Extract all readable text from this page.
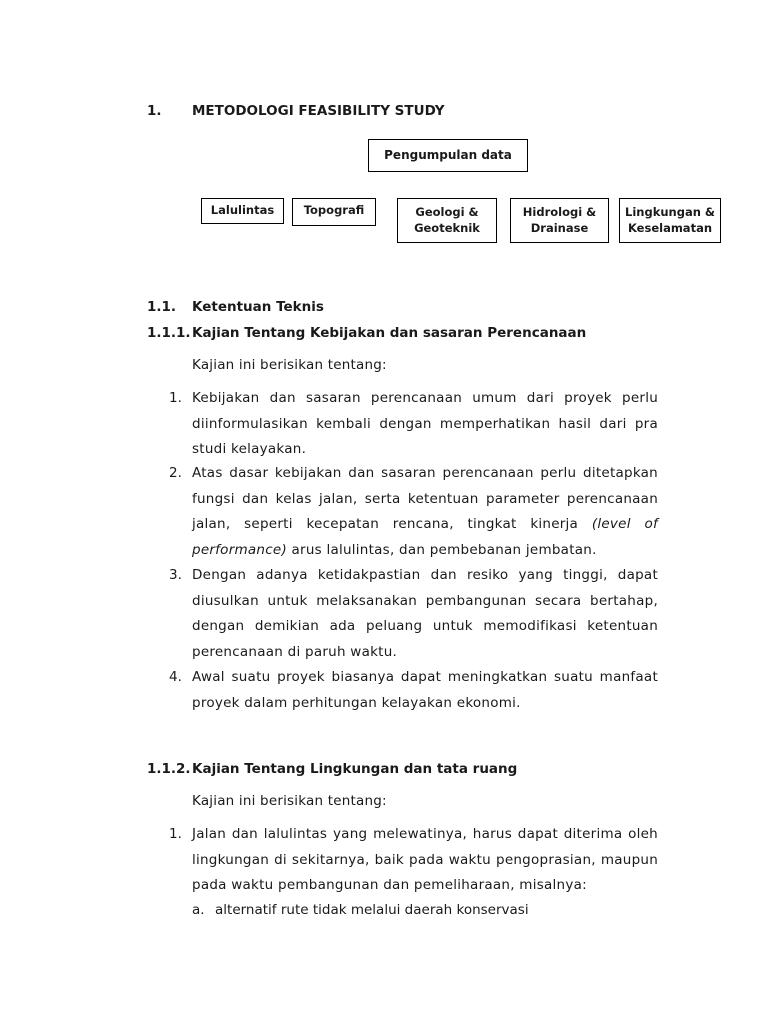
1. METODOLOGI FEASIBILITY STUDY
Pengumpulan data
Lalulintas	Topografi	Geologi &
Geoteknik
Hidrologi &
Drainase
Lingkungan &
Keselamatan
1.1. Ketentuan Teknis
1.1.1. Kajian Tentang Kebijakan dan sasaran Perencanaan
Kajian ini berisikan tentang:
1. Kebijakan dan sasaran perencanaan umum dari proyek perlu diinformulasikan kembali dengan memperhatikan hasil dari pra studi kelayakan.
2. Atas dasar kebijakan dan sasaran perencanaan perlu ditetapkan fungsi dan kelas jalan, serta ketentuan parameter perencanaan jalan, seperti kecepatan rencana, tingkat kinerja (level of performance) arus lalulintas, dan pembebanan jembatan.
3. Dengan adanya ketidakpastian dan resiko yang tinggi, dapat diusulkan untuk melaksanakan pembangunan secara bertahap, dengan demikian ada peluang untuk memodifikasi ketentuan perencanaan di paruh waktu.
4. Awal suatu proyek biasanya dapat meningkatkan suatu manfaat proyek dalam perhitungan kelayakan ekonomi.
1.1.2. Kajian Tentang Lingkungan dan tata ruang
Kajian ini berisikan tentang:
1. Jalan dan lalulintas yang melewatinya, harus dapat diterima oleh lingkungan di sekitarnya, baik pada waktu pengoprasian, maupun pada waktu pembangunan dan pemeliharaan, misalnya:
a. alternatif rute tidak melalui daerah konservasi
